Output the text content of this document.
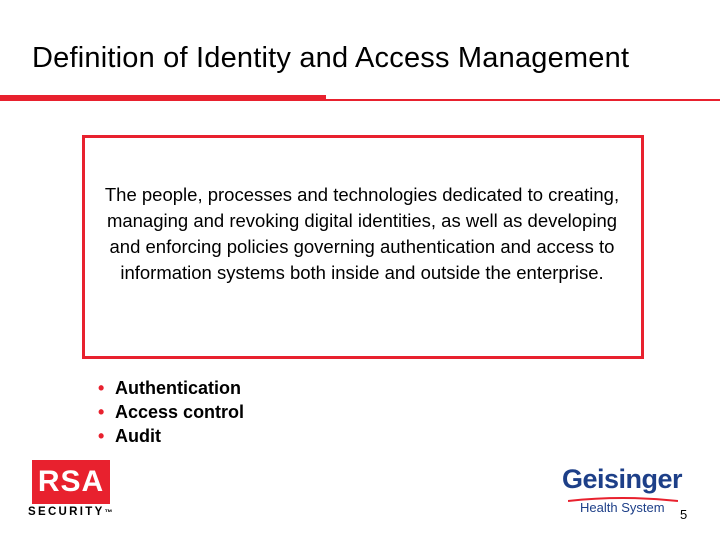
Definition of Identity and Access Management
The people, processes and technologies dedicated to creating, managing and revoking digital identities, as well as developing and enforcing policies governing authentication and access to information systems both inside and outside the enterprise.
• Authentication
• Access control
• Audit
RSA
SECURITY™
Geisinger
Health System 5
